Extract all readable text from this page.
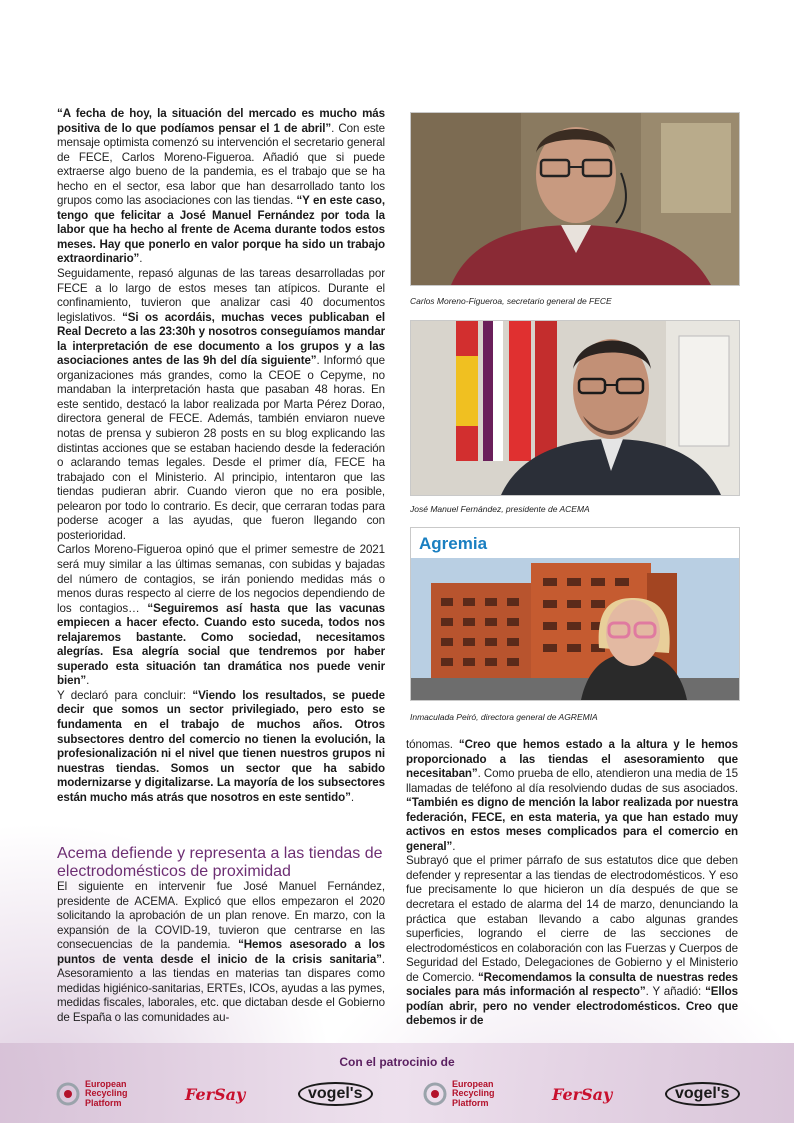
“A fecha de hoy, la situación del mercado es mucho más positiva de lo que podíamos pensar el 1 de abril”. Con este mensaje optimista comenzó su intervención el secretario general de FECE, Carlos Moreno-Figueroa. Añadió que si puede extraerse algo bueno de la pandemia, es el trabajo que se ha hecho en el sector, esa labor que han desarrollado tanto los grupos como las asociaciones con las tiendas. “Y en este caso, tengo que felicitar a José Manuel Fernández por toda la labor que ha hecho al frente de Acema durante todos estos meses. Hay que ponerlo en valor porque ha sido un trabajo extraordinario”.

Seguidamente, repasó algunas de las tareas desarrolladas por FECE a lo largo de estos meses tan atípicos. Durante el confinamiento, tuvieron que analizar casi 40 documentos legislativos. “Si os acordáis, muchas veces publicaban el Real Decreto a las 23:30h y nosotros conseguíamos mandar la interpretación de ese documento a los grupos y a las asociaciones antes de las 9h del día siguiente”. Informó que organizaciones más grandes, como la CEOE o Cepyme, no mandaban la interpretación hasta que pasaban 48 horas. En este sentido, destacó la labor realizada por Marta Pérez Dorao, directora general de FECE. Además, también enviaron nueve notas de prensa y subieron 28 posts en su blog explicando las distintas acciones que se estaban haciendo desde la federación o aclarando temas legales. Desde el primer día, FECE ha trabajado con el Ministerio. Al principio, intentaron que las tiendas pudieran abrir. Cuando vieron que no era posible, pelearon por todo lo contrario. Es decir, que cerraran todas para poderse acoger a las ayudas, que fueron llegando con posterioridad.

Carlos Moreno-Figueroa opinó que el primer semestre de 2021 será muy similar a las últimas semanas, con subidas y bajadas del número de contagios, se irán poniendo medidas más o menos duras respecto al cierre de los negocios dependiendo de los contagios… “Seguiremos así hasta que las vacunas empiecen a hacer efecto. Cuando esto suceda, todos nos relajaremos bastante. Como sociedad, necesitamos alegrías. Esa alegría social que tendremos por haber superado esta situación tan dramática nos puede venir bien”.

Y declaró para concluir: “Viendo los resultados, se puede decir que somos un sector privilegiado, pero esto se fundamenta en el trabajo de muchos años. Otros subsectores dentro del comercio no tienen la evolución, la profesionalización ni el nivel que tienen nuestros grupos ni nuestras tiendas. Somos un sector que ha sabido modernizarse y digitalizarse. La mayoría de los subsectores están mucho más atrás que nosotros en este sentido”.

Acema defiende y representa a las tiendas de electrodomésticos de proximidad

El siguiente en intervenir fue José Manuel Fernández, presidente de ACEMA. Explicó que ellos empezaron el 2020 solicitando la aprobación de un plan renove. En marzo, con la expansión de la COVID-19, tuvieron que centrarse en las consecuencias de la pandemia. “Hemos asesorado a los puntos de venta desde el inicio de la crisis sanitaria”. Asesoramiento a las tiendas en materias tan dispares como medidas higiénico-sanitarias, ERTEs, ICOs, ayudas a las pymes, medidas fiscales, laborales, etc. que dictaban desde el Gobierno de España o las comunidades au-

tónomas. “Creo que hemos estado a la altura y le hemos proporcionado a las tiendas el asesoramiento que necesitaban”. Como prueba de ello, atendieron una media de 15 llamadas de teléfono al día resolviendo dudas de sus asociados. “También es digno de mención la labor realizada por nuestra federación, FECE, en esta materia, ya que han estado muy activos en estos meses complicados para el comercio en general”.

Subrayó que el primer párrafo de sus estatutos dice que deben defender y representar a las tiendas de electrodomésticos. Y eso fue precisamente lo que hicieron un día después de que se decretara el estado de alarma del 14 de marzo, denunciando la práctica que estaban llevando a cabo algunas grandes superficies, logrando el cierre de las secciones de electrodomésticos en colaboración con las Fuerzas y Cuerpos de Seguridad del Estado, Delegaciones de Gobierno y el Ministerio de Comercio. “Recomendamos la consulta de nuestras redes sociales para más información al respecto”. Y añadió: “Ellos podían abrir, pero no vender electrodomésticos. Creo que debemos ir de

Carlos Moreno-Figueroa, secretario general de FECE
José Manuel Fernández, presidente de ACEMA
Agremia
Inmaculada Peiró, directora general de AGREMIA
Con el patrocinio de
European
Recycling
Platform	FerSay	vogel's
European
Recycling
Platform	FerSay	vogel's
